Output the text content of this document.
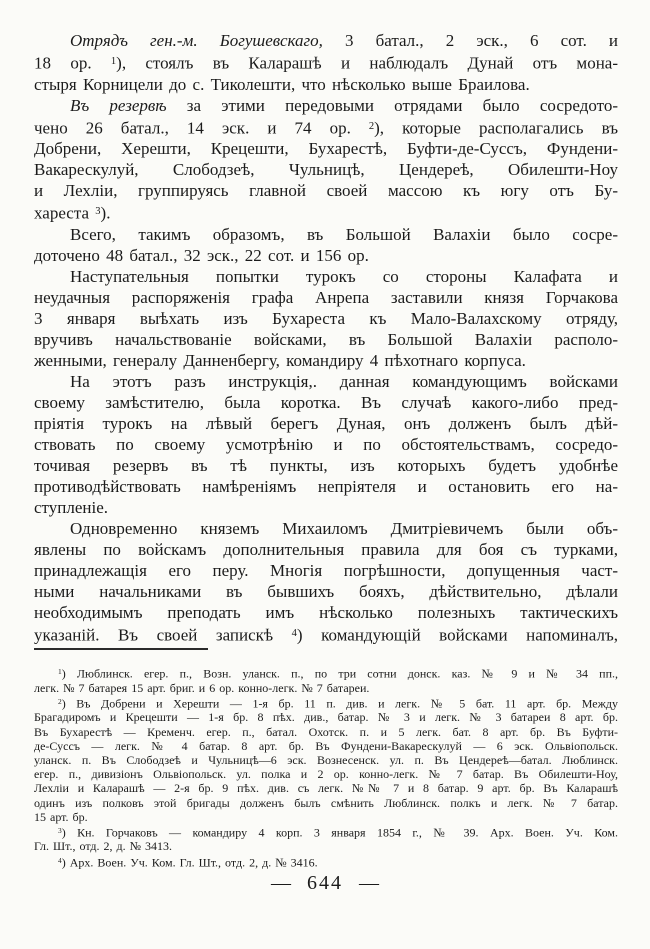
Отрядъ ген.-м. Богушевскаго, 3 батал., 2 эск., 6 сот. и
18 ор. $^1$), стоялъ въ Каларашѣ и наблюдалъ Дунай отъ мона-
стыря Корницели до с. Тиколешти, что нѣсколько выше Браилова.
Въ резервѣ за этими передовыми отрядами было сосредото-
чено 26 батал., 14 эск. и 74 ор. $^2$), которые располагались въ
Добрени, Херешти, Крецешти, Бухарестѣ, Буфти-де-Суссъ, Фундени-
Вакарескулуй, Слободзеѣ, Чульницѣ, Цендереѣ, Обилешти-Ноу
и Лехліи, группируясь главной своей массою къ югу отъ Бу-
хареста $^3$).
Всего, такимъ образомъ, въ Большой Валахіи было сосре-
доточено 48 батал., 32 эск., 22 сот. и 156 ор.
Наступательныя попытки турокъ со стороны Калафата и
неудачныя распоряженія графа Анрепа заставили князя Горчакова
3 января выѣхать изъ Бухареста къ Мало-Валахскому отряду,
вручивъ начальствованіе войсками, въ Большой Валахіи располо-
женными, генералу Данненбергу, командиру 4 пѣхотнаго корпуса.
На этотъ разъ инструкція,. данная командующимъ войсками
своему замѣстителю, была коротка. Въ случаѣ какого-либо пред-
пріятія турокъ на лѣвый берегъ Дуная, онъ долженъ былъ дѣй-
ствовать по своему усмотрѣнію и по обстоятельствамъ, сосредо-
точивая резервъ въ тѣ пункты, изъ которыхъ будетъ удобнѣе
противодѣйствовать намѣреніямъ непріятеля и остановить его на-
ступленіе.
Одновременно княземъ Михаиломъ Дмитріевичемъ были объ-
явлены по войскамъ дополнительныя правила для боя съ турками,
принадлежащія его перу. Многія погрѣшности, допущенныя част-
ными начальниками въ бывшихъ бояхъ, дѣйствительно, дѣлали
необходимымъ преподать имъ нѣсколько полезныхъ тактическихъ
указаній. Въ своей запискѣ $^4$) командующій войсками напоминалъ,
$^1$) Люблинск. егер. п., Возн. уланск. п., по три сотни донск. каз. № 9 и № 34 пп.,
легк. № 7 батарея 15 арт. бриг. и 6 ор. конно-легк. № 7 батареи.
$^2$) Въ Добрени и Херешти — 1-я бр. 11 п. див. и легк. № 5 бат. 11 арт. бр. Между
Брагадиромъ и Крецешти — 1-я бр. 8 пѣх. див., батар. № 3 и легк. № 3 батареи 8 арт. бр.
Въ Бухарестѣ — Кременч. егер. п., батал. Охотск. п. и 5 легк. бат. 8 арт. бр. Въ Буфти-
де-Суссъ — легк. № 4 батар. 8 арт. бр. Въ Фундени-Вакарескулуй — 6 эск. Ольвіопольск.
уланск. п. Въ Слободзеѣ и Чульницѣ—6 эск. Вознесенск. ул. п. Въ Цендереѣ—батал. Люблинск.
егер. п., дивизіонъ Ольвіопольск. ул. полка и 2 ор. конно-легк. № 7 батар. Въ Обилешти-Ноу,
Лехліи и Каларашѣ — 2-я бр. 9 пѣх. див. съ легк. №№ 7 и 8 батар. 9 арт. бр. Въ Каларашѣ
одинъ изъ полковъ этой бригады долженъ былъ смѣнить Люблинск. полкъ и легк. № 7 батар.
15 арт. бр.
$^3$) Кн. Горчаковъ — командиру 4 корп. 3 января 1854 г., № 39. Арх. Воен. Уч. Ком.
Гл. Шт., отд. 2, д. № 3413.
$^4$) Арх. Воен. Уч. Ком. Гл. Шт., отд. 2, д. № 3416.
— 644 —
